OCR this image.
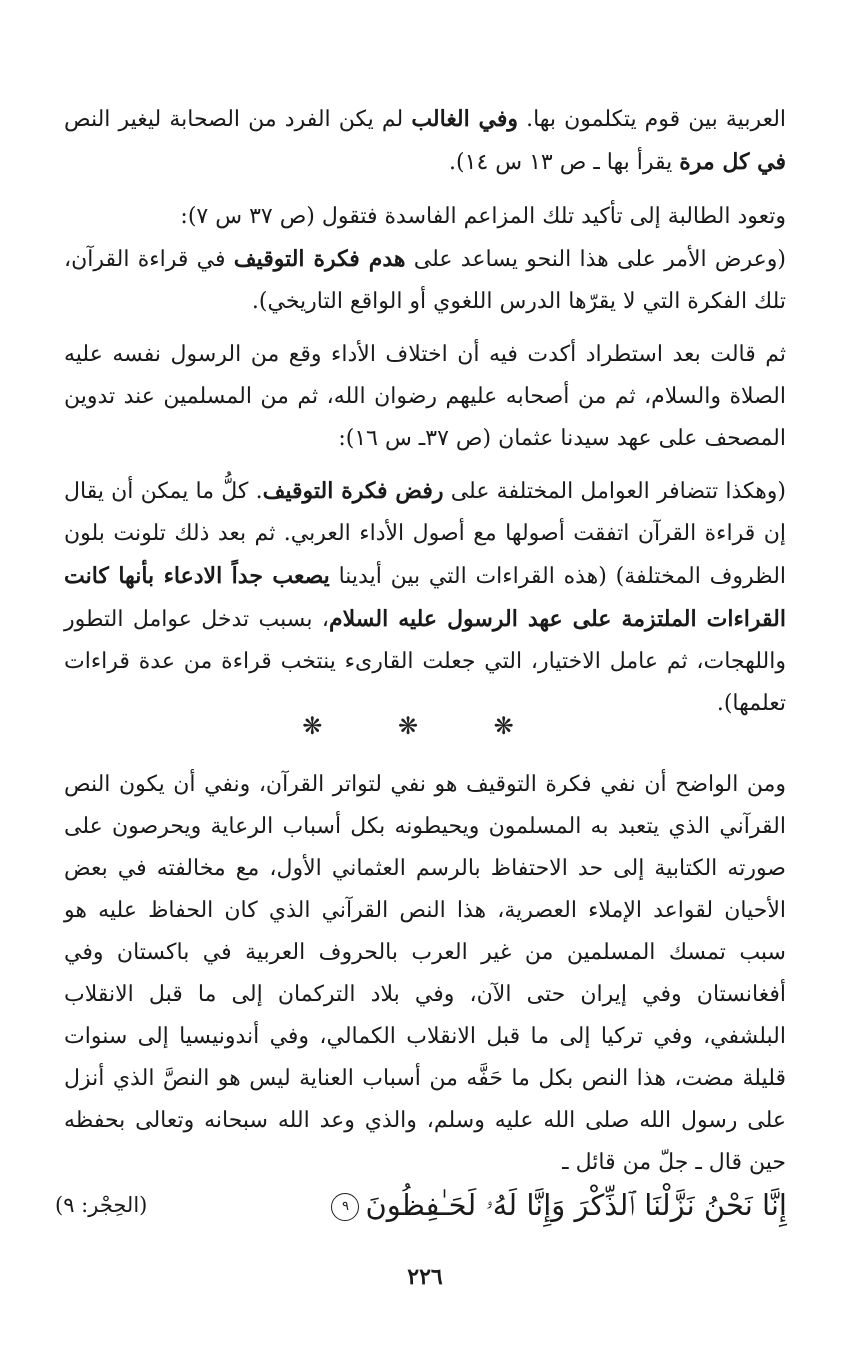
العربية بين قوم يتكلمون بها. وفي الغالب لم يكن الفرد من الصحابة ليغير النص في كل مرة يقرأ بها ـ ص ١٣ س ١٤).

وتعود الطالبة إلى تأكيد تلك المزاعم الفاسدة فتقول (ص ٣٧ س ٧):

(وعرض الأمر على هذا النحو يساعد على هدم فكرة التوقيف في قراءة القرآن، تلك الفكرة التي لا يقرّها الدرس اللغوي أو الواقع التاريخي).

ثم قالت بعد استطراد أكدت فيه أن اختلاف الأداء وقع من الرسول نفسه عليه الصلاة والسلام، ثم من أصحابه عليهم رضوان الله، ثم من المسلمين عند تدوين المصحف على عهد سيدنا عثمان (ص ٣٧ـ س ١٦):

(وهكذا تتضافر العوامل المختلفة على رفض فكرة التوقيف. كلُّ ما يمكن أن يقال إن قراءة القرآن اتفقت أصولها مع أصول الأداء العربي. ثم بعد ذلك تلونت بلون الظروف المختلفة) (هذه القراءات التي بين أيدينا يصعب جداً الادعاء بأنها كانت القراءات الملتزمة على عهد الرسول عليه السلام، بسبب تدخل عوامل التطور واللهجات، ثم عامل الاختيار، التي جعلت القارىء ينتخب قراءة من عدة قراءات تعلمها).

❋ ❋ ❋

ومن الواضح أن نفي فكرة التوقيف هو نفي لتواتر القرآن، ونفي أن يكون النص القرآني الذي يتعبد به المسلمون ويحيطونه بكل أسباب الرعاية ويحرصون على صورته الكتابية إلى حد الاحتفاظ بالرسم العثماني الأول، مع مخالفته في بعض الأحيان لقواعد الإملاء العصرية، هذا النص القرآني الذي كان الحفاظ عليه هو سبب تمسك المسلمين من غير العرب بالحروف العربية في باكستان وفي أفغانستان وفي إيران حتى الآن، وفي بلاد التركمان إلى ما قبل الانقلاب البلشفي، وفي تركيا إلى ما قبل الانقلاب الكمالي، وفي أندونيسيا إلى سنوات قليلة مضت، هذا النص بكل ما حَفَّه من أسباب العناية ليس هو النصَّ الذي أنزل على رسول الله صلى الله عليه وسلم، والذي وعد الله سبحانه وتعالى بحفظه حين قال ـ جلّ من قائل ـ

إِنَّا نَحْنُ نَزَّلْنَا ٱلذِّكْرَ وَإِنَّا لَهُۥ لَحَـٰفِظُونَ٩
(الحِجْر: ٩)
٢٢٦
